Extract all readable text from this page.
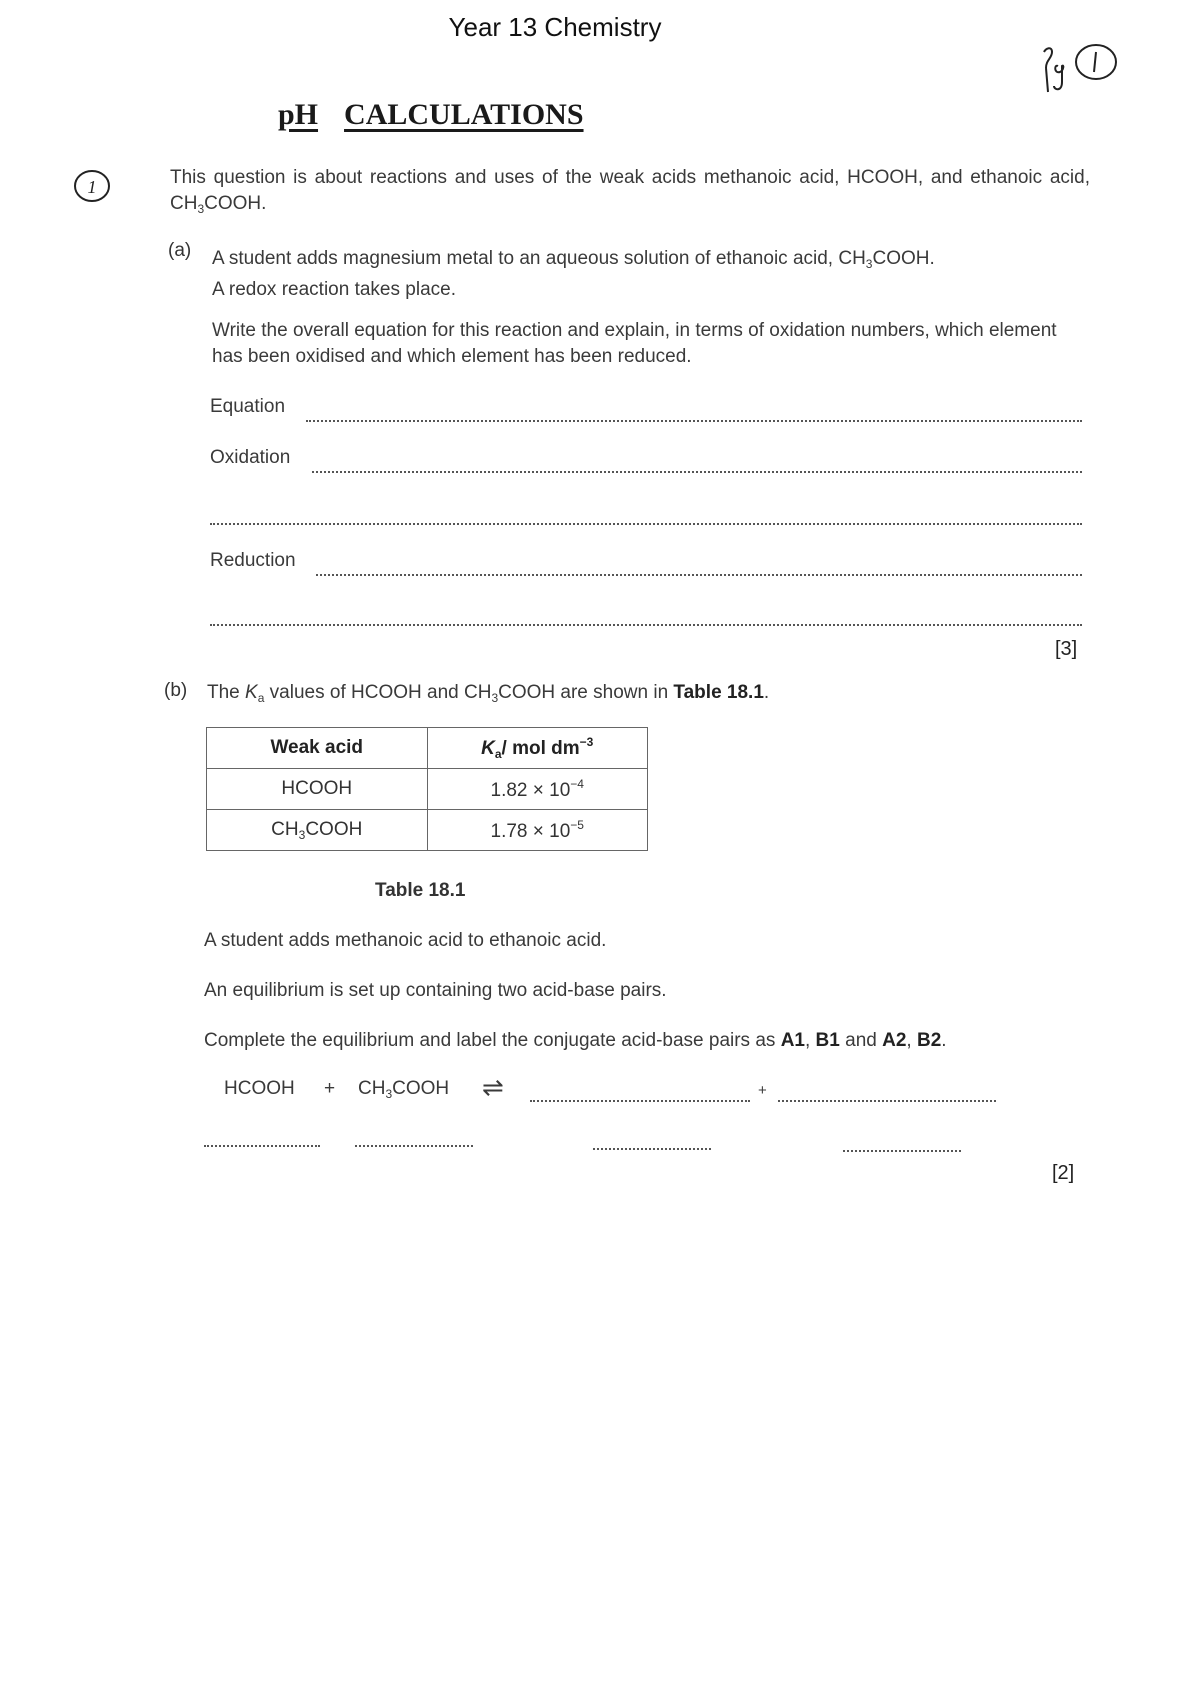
Year 13 Chemistry
pH CALCULATIONS
1	This question is about reactions and uses of the weak acids methanoic acid, HCOOH, and ethanoic acid, $CH_3COOH$.
(a) A student adds magnesium metal to an aqueous solution of ethanoic acid, $CH_3COOH$.
A redox reaction takes place.
Write the overall equation for this reaction and explain, in terms of oxidation numbers, which element has been oxidised and which element has been reduced.
Equation
Oxidation
Reduction
[3]
(b) The $K_a$ values of HCOOH and $CH_3COOH$ are shown in Table 18.1.
Weak acid	$K_a/$ mol $dm^{-3}$
HCOOH	$1.82 \times 10^{-4}$
$CH_3COOH$	$1.78 \times 10^{-5}$
Table 18.1
A student adds methanoic acid to ethanoic acid.
An equilibrium is set up containing two acid-base pairs.
Complete the equilibrium and label the conjugate acid-base pairs as A1, B1 and A2, B2.
HCOOH + $CH_3COOH$ ⇌	+
[2]
